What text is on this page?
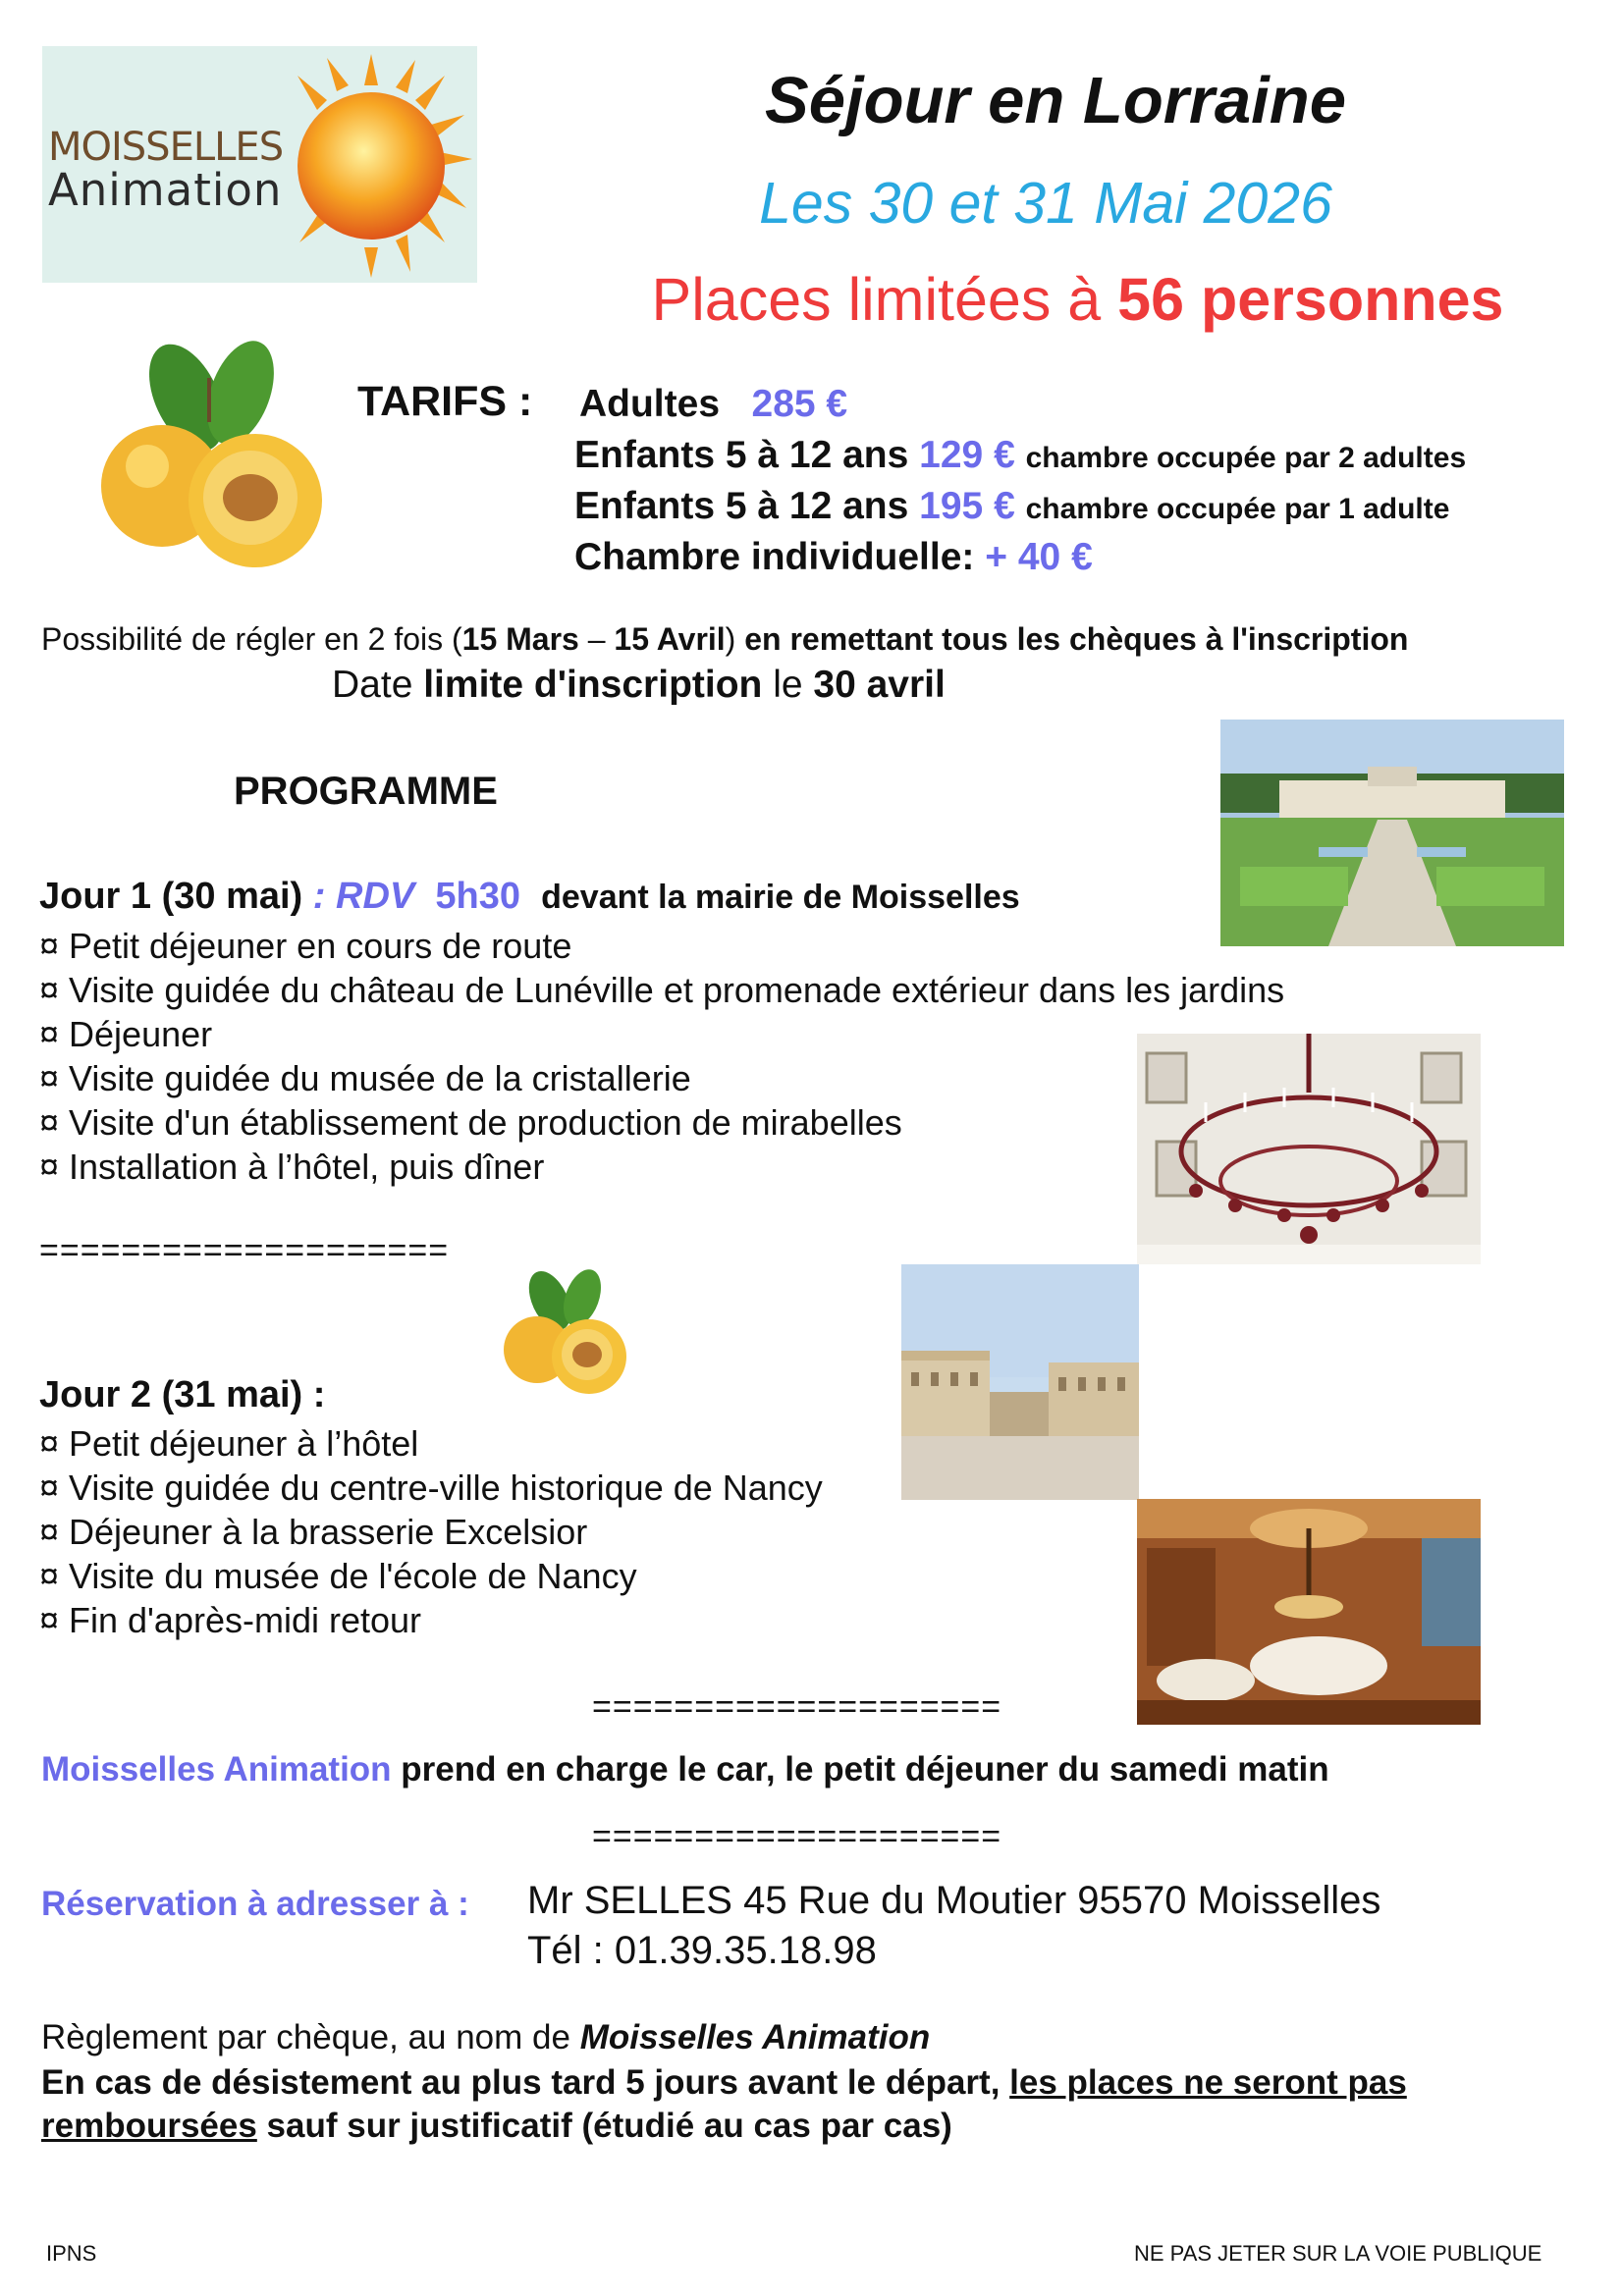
MOISSELLES
Animation
Séjour en Lorraine
Les 30 et 31 Mai 2026
Places limitées à 56 personnes
TARIFS : Adultes 285 €
Enfants 5 à 12 ans 129 € chambre occupée par 2 adultes
Enfants 5 à 12 ans 195 € chambre occupée par 1 adulte
Chambre individuelle: + 40 €
Possibilité de régler en 2 fois (15 Mars – 15 Avril) en remettant tous les chèques à l'inscription
Date limite d'inscription le 30 avril
PROGRAMME
Jour 1 (30 mai) : RDV 5h30 devant la mairie de Moisselles
¤ Petit déjeuner en cours de route
¤ Visite guidée du château de Lunéville et promenade extérieur dans les jardins
¤ Déjeuner
¤ Visite guidée du musée de la cristallerie
¤ Visite d'un établissement de production de mirabelles
¤ Installation à l’hôtel, puis dîner
====================
Jour 2 (31 mai) :
¤ Petit déjeuner à l’hôtel
¤ Visite guidée du centre-ville historique de Nancy
¤ Déjeuner à la brasserie Excelsior
¤ Visite du musée de l'école de Nancy
¤ Fin d'après-midi retour
====================
Moisselles Animation prend en charge le car, le petit déjeuner du samedi matin
====================
Réservation à adresser à : Mr SELLES 45 Rue du Moutier 95570 Moisselles
Tél : 01.39.35.18.98
Règlement par chèque, au nom de Moisselles Animation
En cas de désistement au plus tard 5 jours avant le départ, les places ne seront pas
remboursées sauf sur justificatif (étudié au cas par cas)
IPNS	NE PAS JETER SUR LA VOIE PUBLIQUE
